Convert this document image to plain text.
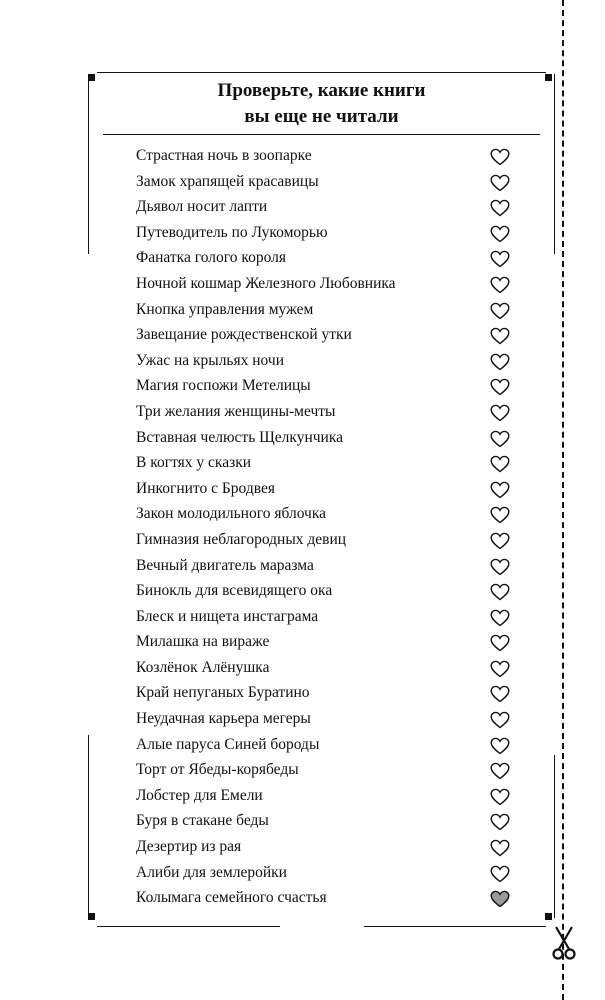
Проверьте, какие книги
вы еще не читали
Страстная ночь в зоопарке
Замок храпящей красавицы
Дьявол носит лапти
Путеводитель по Лукоморью
Фанатка голого короля
Ночной кошмар Железного Любовника
Кнопка управления мужем
Завещание рождественской утки
Ужас на крыльях ночи
Магия госпожи Метелицы
Три желания женщины-мечты
Вставная челюсть Щелкунчика
В когтях у сказки
Инкогнито с Бродвея
Закон молодильного яблочка
Гимназия неблагородных девиц
Вечный двигатель маразма
Бинокль для всевидящего ока
Блеск и нищета инстаграма
Милашка на вираже
Козлёнок Алёнушка
Край непуганых Буратино
Неудачная карьера мегеры
Алые паруса Синей бороды
Торт от Ябеды-корябеды
Лобстер для Емели
Буря в стакане беды
Дезертир из рая
Алиби для землеройки
Колымага семейного счастья
